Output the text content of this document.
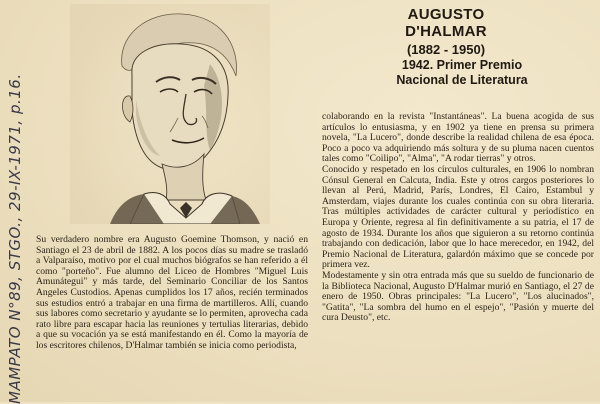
MAMPATO N°89, STGO., 29-IX-1971, p.16.
AUGUSTO D'HALMAR
(1882 - 1950)
1942. Primer Premio
Nacional de Literatura

Su verdadero nombre era Augusto Goemine Thomson, y nació en Santiago el 23 de abril de 1882. A los pocos días su madre se trasladó a Valparaíso, motivo por el cual muchos biógrafos se han referido a él como "porteño". Fue alumno del Liceo de Hombres "Miguel Luis Amunátegui" y más tarde, del Seminario Conciliar de los Santos Angeles Custodios. Apenas cumplidos los 17 años, recién terminados sus estudios entró a trabajar en una firma de martilleros. Allí, cuando sus labores como secretario y ayudante se lo permiten, aprovecha cada rato libre para escapar hacia las reuniones y tertulias literarias, debido a que su vocación ya se está manifestando en él. Como la mayoría de los escritores chilenos, D'Halmar también se inicia como periodista,

colaborando en la revista "Instantáneas". La buena acogida de sus artículos lo entusiasma, y en 1902 ya tiene en prensa su primera novela, "La Lucero", donde describe la realidad chilena de esa época. Poco a poco va adquiriendo más soltura y de su pluma nacen cuentos tales como "Coilipo", "Alma", "A rodar tierras" y otros.

Conocido y respetado en los círculos culturales, en 1906 lo nombran Cónsul General en Calcuta, India. Este y otros cargos posteriores lo llevan al Perú, Madrid, París, Londres, El Cairo, Estambul y Amsterdam, viajes durante los cuales continúa con su obra literaria. Tras múltiples actividades de carácter cultural y periodístico en Europa y Oriente, regresa al fin definitivamente a su patria, el 17 de agosto de 1934. Durante los años que siguieron a su retorno continúa trabajando con dedicación, labor que lo hace merecedor, en 1942, del Premio Nacional de Literatura, galardón máximo que se concede por primera vez.

Modestamente y sin otra entrada más que su sueldo de funcionario de la Biblioteca Nacional, Augusto D'Halmar murió en Santiago, el 27 de enero de 1950. Obras principales: "La Lucero", "Los alucinados", "Gatita", "La sombra del humo en el espejo", "Pasión y muerte del cura Deusto", etc.
